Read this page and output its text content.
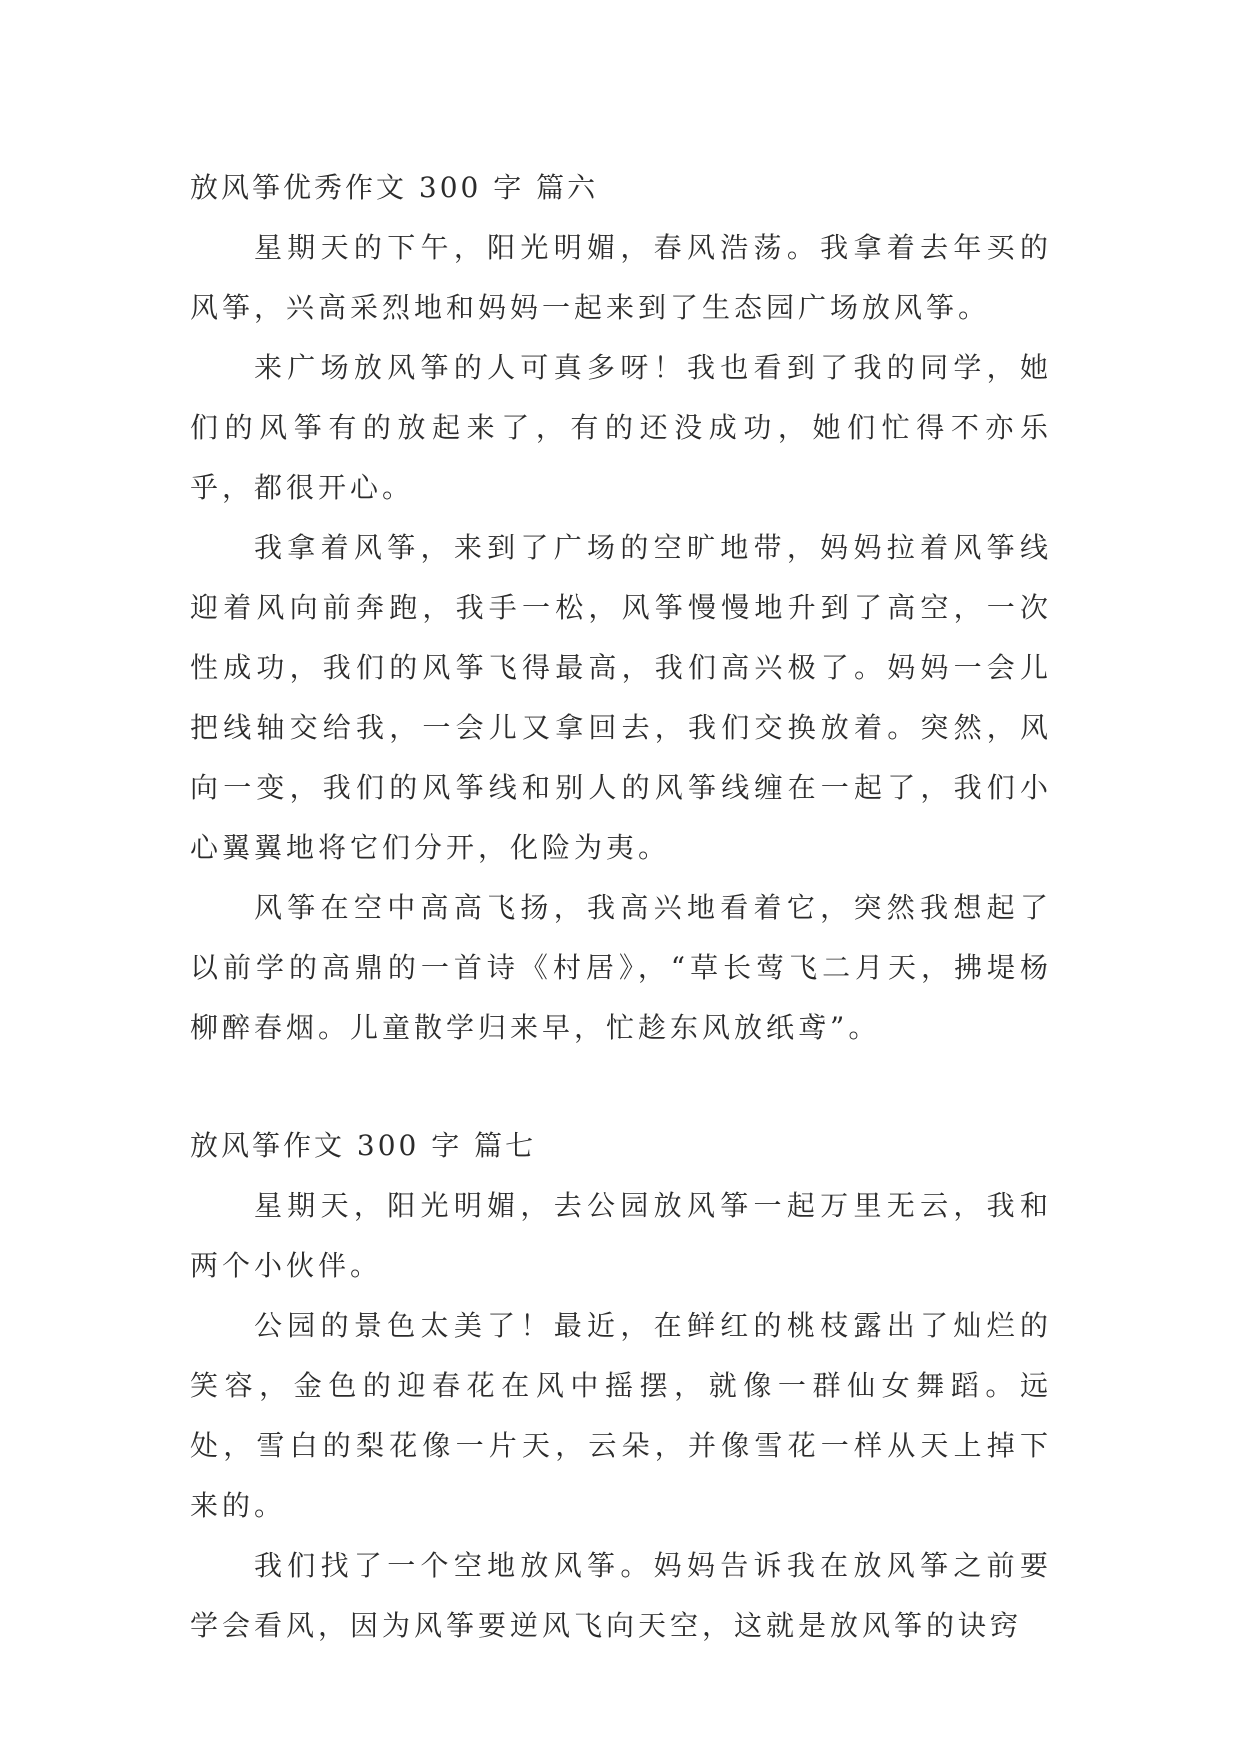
放风筝优秀作文 300 字 篇六

星期天的下午，阳光明媚，春风浩荡。我拿着去年买的风筝，兴高采烈地和妈妈一起来到了生态园广场放风筝。

来广场放风筝的人可真多呀！我也看到了我的同学，她们的风筝有的放起来了，有的还没成功，她们忙得不亦乐乎，都很开心。

我拿着风筝，来到了广场的空旷地带，妈妈拉着风筝线迎着风向前奔跑，我手一松，风筝慢慢地升到了高空，一次性成功，我们的风筝飞得最高，我们高兴极了。妈妈一会儿把线轴交给我，一会儿又拿回去，我们交换放着。突然，风向一变，我们的风筝线和别人的风筝线缠在一起了，我们小心翼翼地将它们分开，化险为夷。

风筝在空中高高飞扬，我高兴地看着它，突然我想起了以前学的高鼎的一首诗《村居》，“草长莺飞二月天，拂堤杨柳醉春烟。儿童散学归来早，忙趁东风放纸鸢”。

放风筝作文 300 字 篇七

星期天，阳光明媚，去公园放风筝一起万里无云，我和两个小伙伴。

公园的景色太美了！最近，在鲜红的桃枝露出了灿烂的笑容，金色的迎春花在风中摇摆，就像一群仙女舞蹈。远处，雪白的梨花像一片天，云朵，并像雪花一样从天上掉下来的。

我们找了一个空地放风筝。妈妈告诉我在放风筝之前要学会看风，因为风筝要逆风飞向天空，这就是放风筝的诀窍
